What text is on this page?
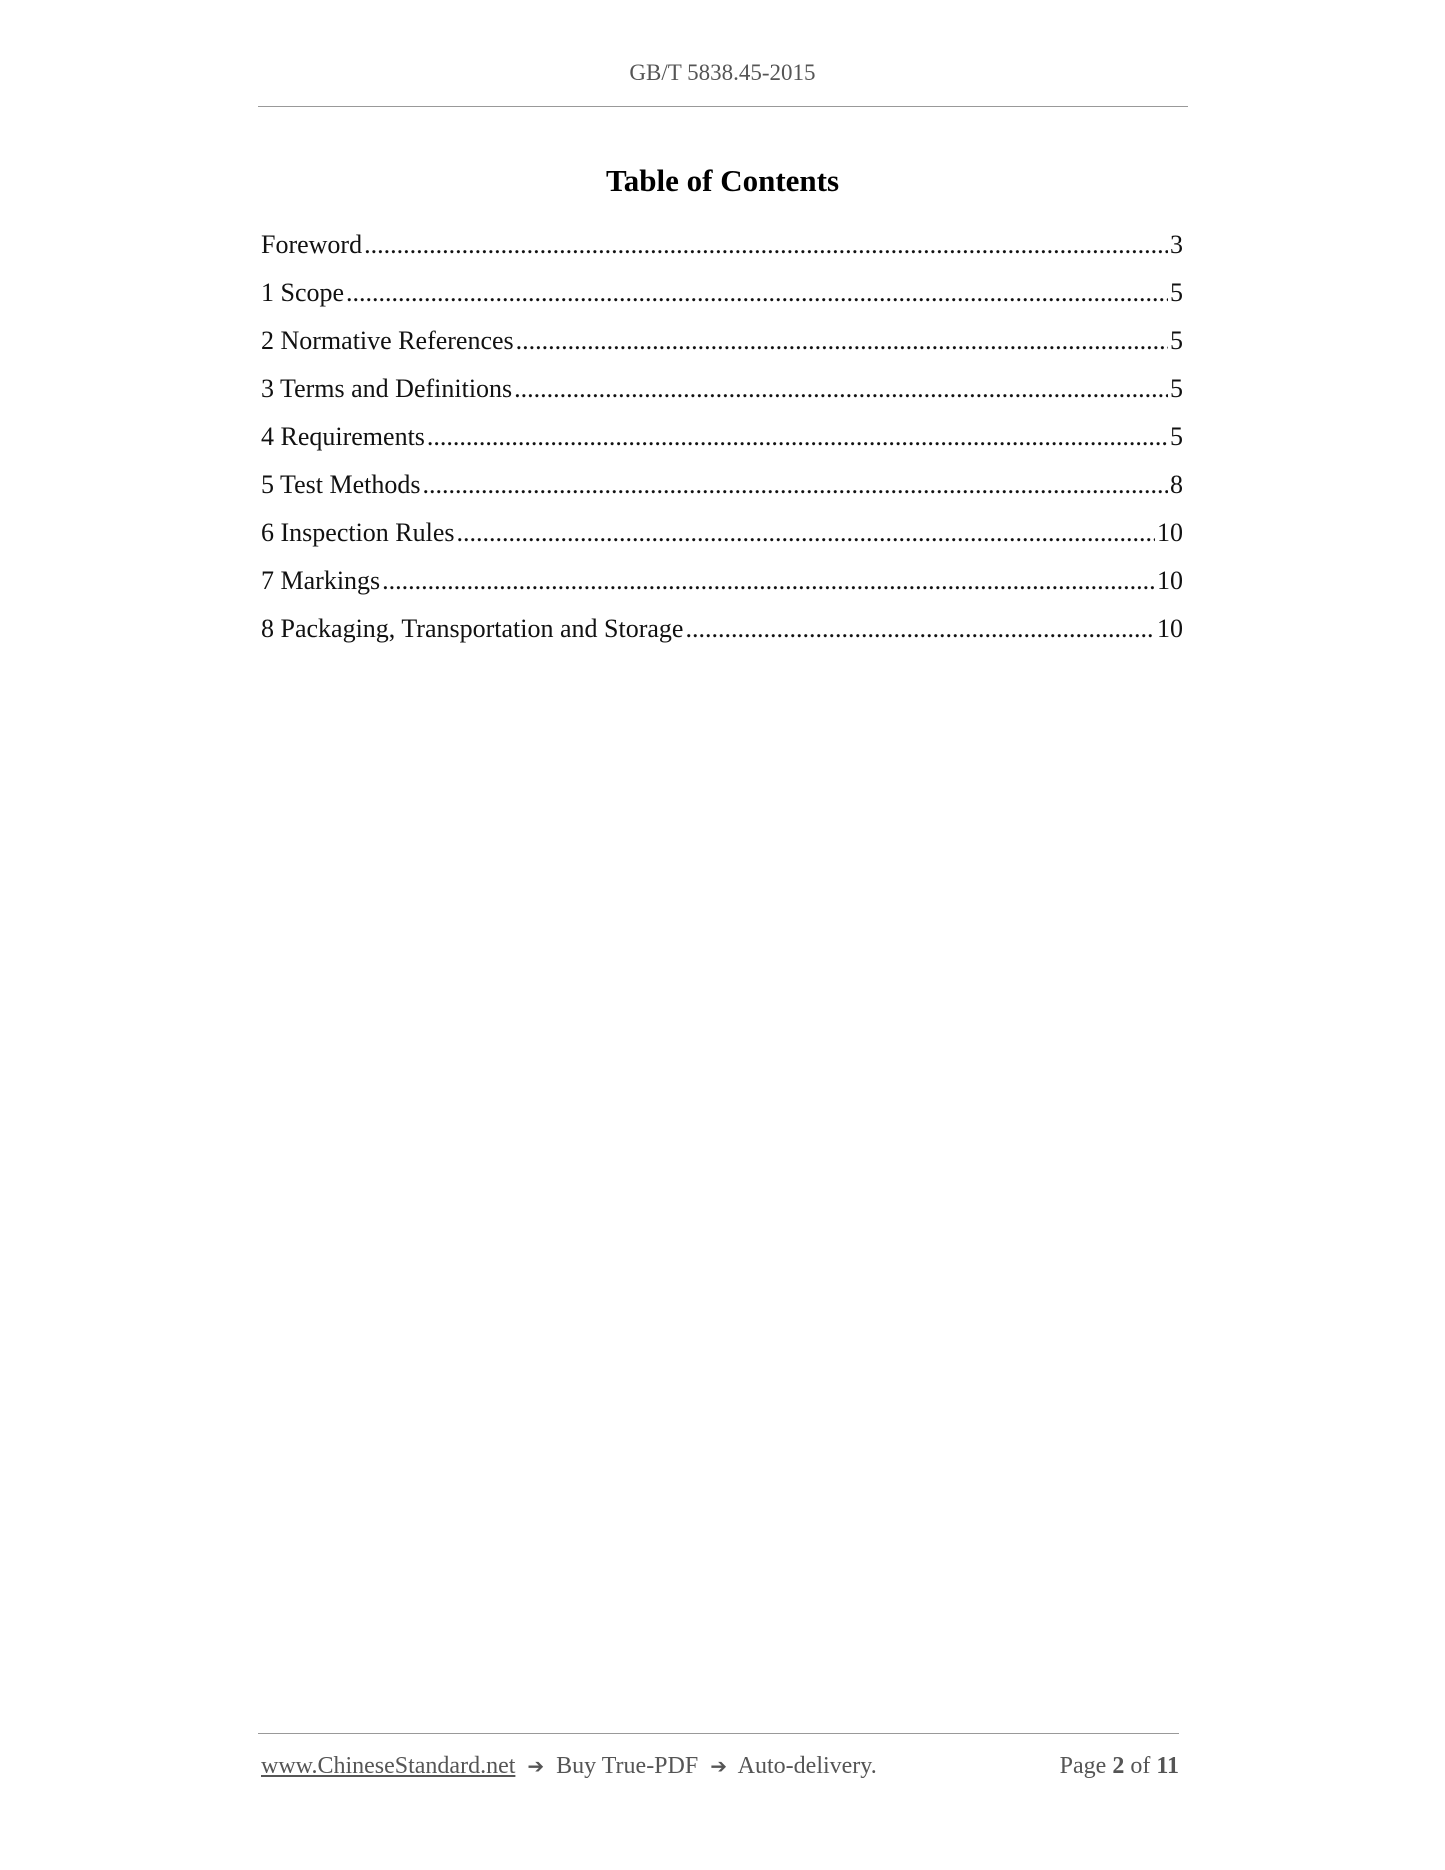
GB/T 5838.45-2015
Table of Contents
Foreword .....	3
1 Scope .....	5
2 Normative References .....	5
3 Terms and Definitions .....	5
4 Requirements .....	5
5 Test Methods .....	8
6 Inspection Rules .....	10
7 Markings .....	10
8 Packaging, Transportation and Storage .....	10
www.ChineseStandard.net ➔ Buy True-PDF ➔ Auto-delivery.	Page 2 of 11
